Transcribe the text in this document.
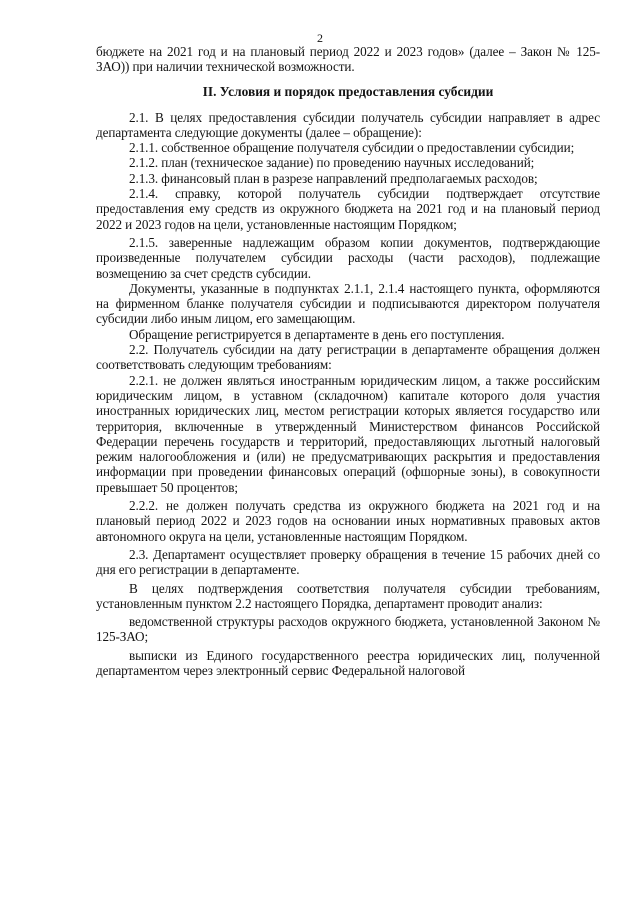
2

бюджете на 2021 год и на плановый период 2022 и 2023 годов» (далее – Закон № 125-ЗАО)) при наличии технической возможности.

II. Условия и порядок предоставления субсидии

2.1. В целях предоставления субсидии получатель субсидии направляет в адрес департамента следующие документы (далее – обращение):

2.1.1. собственное обращение получателя субсидии о предоставлении субсидии;

2.1.2. план (техническое задание) по проведению научных исследований;

2.1.3. финансовый план в разрезе направлений предполагаемых расходов;

2.1.4. справку, которой получатель субсидии подтверждает отсутствие предоставления ему средств из окружного бюджета на 2021 год и на плановый период 2022 и 2023 годов на цели, установленные настоящим Порядком;

2.1.5. заверенные надлежащим образом копии документов, подтверждающие произведенные получателем субсидии расходы (части расходов), подлежащие возмещению за счет средств субсидии.

Документы, указанные в подпунктах 2.1.1, 2.1.4 настоящего пункта, оформляются на фирменном бланке получателя субсидии и подписываются директором получателя субсидии либо иным лицом, его замещающим.

Обращение регистрируется в департаменте в день его поступления.

2.2. Получатель субсидии на дату регистрации в департаменте обращения должен соответствовать следующим требованиям:

2.2.1. не должен являться иностранным юридическим лицом, а также российским юридическим лицом, в уставном (складочном) капитале которого доля участия иностранных юридических лиц, местом регистрации которых является государство или территория, включенные в утвержденный Министерством финансов Российской Федерации перечень государств и территорий, предоставляющих льготный налоговый режим налогообложения и (или) не предусматривающих раскрытия и предоставления информации при проведении финансовых операций (офшорные зоны), в совокупности превышает 50 процентов;

2.2.2. не должен получать средства из окружного бюджета на 2021 год и на плановый период 2022 и 2023 годов на основании иных нормативных правовых актов автономного округа на цели, установленные настоящим Порядком.

2.3. Департамент осуществляет проверку обращения в течение 15 рабочих дней со дня его регистрации в департаменте.

В целях подтверждения соответствия получателя субсидии требованиям, установленным пунктом 2.2 настоящего Порядка, департамент проводит анализ:

ведомственной структуры расходов окружного бюджета, установленной Законом № 125-ЗАО;

выписки из Единого государственного реестра юридических лиц, полученной департаментом через электронный сервис Федеральной налоговой
